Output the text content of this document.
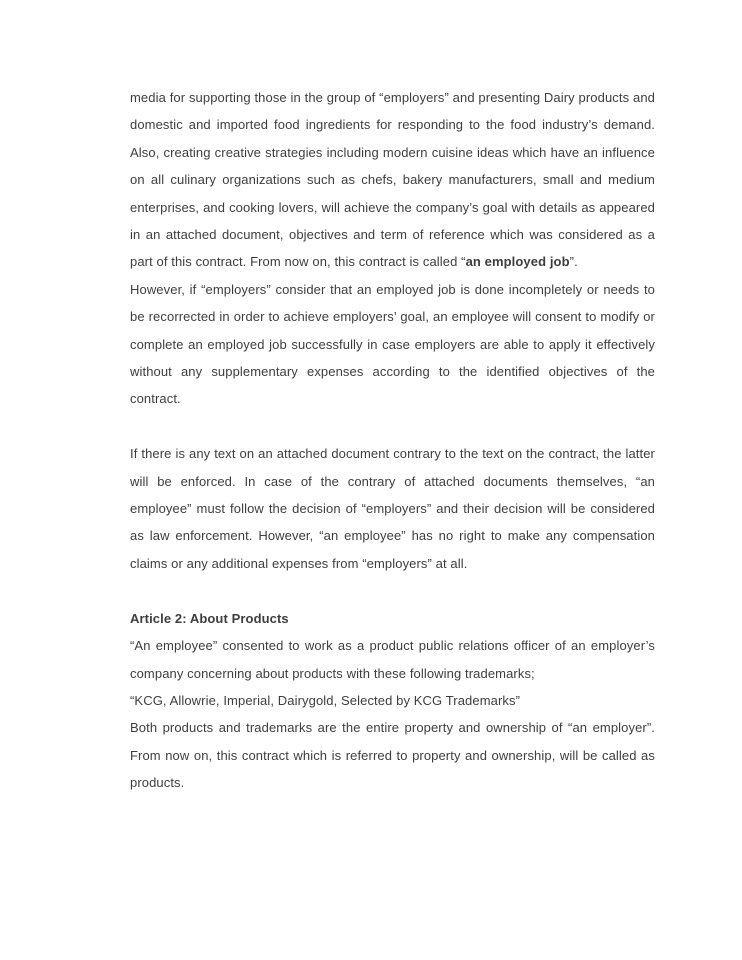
media for supporting those in the group of “employers” and presenting Dairy products and domestic and imported food ingredients for responding to the food industry’s demand. Also, creating creative strategies including modern cuisine ideas which have an influence on all culinary organizations such as chefs, bakery manufacturers, small and medium enterprises, and cooking lovers, will achieve the company’s goal with details as appeared in an attached document, objectives and term of reference which was considered as a part of this contract. From now on, this contract is called “an employed job”.
However, if “employers” consider that an employed job is done incompletely or needs to be recorrected in order to achieve employers’ goal, an employee will consent to modify or complete an employed job successfully in case employers are able to apply it effectively without any supplementary expenses according to the identified objectives of the contract.
If there is any text on an attached document contrary to the text on the contract, the latter will be enforced. In case of the contrary of attached documents themselves, “an employee” must follow the decision of “employers” and their decision will be considered as law enforcement. However, “an employee” has no right to make any compensation claims or any additional expenses from “employers” at all.
Article 2: About Products
“An employee” consented to work as a product public relations officer of an employer’s company concerning about products with these following trademarks;
“KCG, Allowrie, Imperial, Dairygold, Selected by KCG Trademarks”
Both products and trademarks are the entire property and ownership of “an employer”. From now on, this contract which is referred to property and ownership, will be called as products.
